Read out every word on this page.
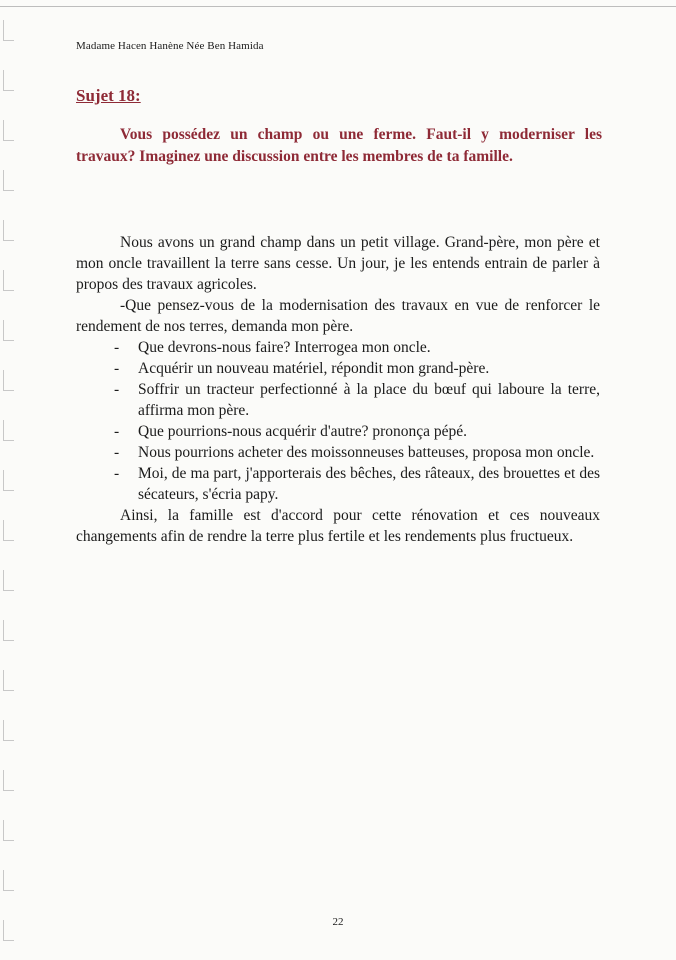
Madame Hacen Hanène Née Ben Hamida
Sujet 18:
Vous possédez un champ ou une ferme. Faut-il y moderniser les travaux? Imaginez une discussion entre les membres de ta famille.

Nous avons un grand champ dans un petit village. Grand-père, mon père et mon oncle travaillent la terre sans cesse. Un jour, je les entends entrain de parler à propos des travaux agricoles.

-Que pensez-vous de la modernisation des travaux en vue de renforcer le rendement de nos terres, demanda mon père.

- Que devrons-nous faire? Interrogea mon oncle.
- Acquérir un nouveau matériel, répondit mon grand-père.
- Soffrir un tracteur perfectionné à la place du bœuf qui laboure la terre, affirma mon père.
- Que pourrions-nous acquérir d'autre? prononça pépé.
- Nous pourrions acheter des moissonneuses batteuses, proposa mon oncle.
- Moi, de ma part, j'apporterais des bêches, des râteaux, des brouettes et des sécateurs, s'écria papy.

Ainsi, la famille est d'accord pour cette rénovation et ces nouveaux changements afin de rendre la terre plus fertile et les rendements plus fructueux.

22
